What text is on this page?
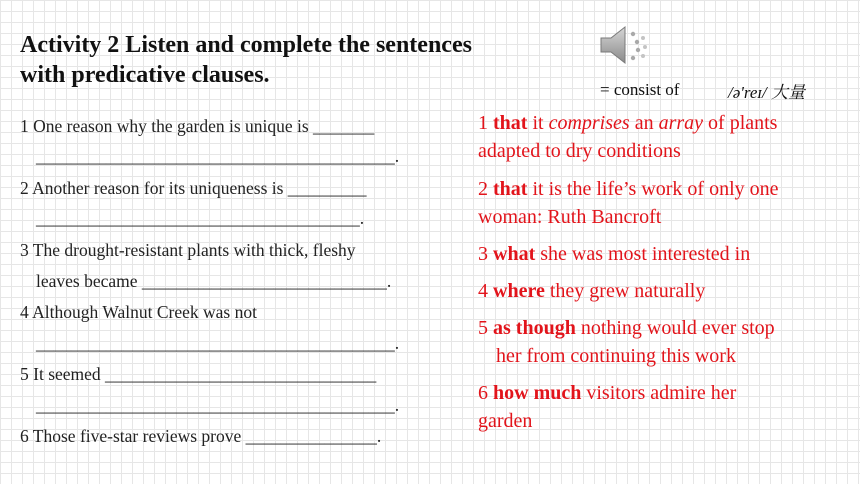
Activity 2 Listen and complete the sentences
with predicative clauses.
= consist of	/ə'reɪ/ 大量
1 One reason why the garden is unique is _______
_________________________________________.
2 Another reason for its uniqueness is _________
_____________________________________.
3 The drought-resistant plants with thick, fleshy
leaves became ____________________________.
4 Although Walnut Creek was not
_________________________________________.
5 It seemed _______________________________
_________________________________________.
6 Those five-star reviews prove _______________.
1 that it comprises an array of plants
adapted to dry conditions
2 that it is the life’s work of only one
woman: Ruth Bancroft
3 what she was most interested in
4 where they grew naturally
5 as though nothing would ever stop
her from continuing this work
6 how much visitors admire her
garden
